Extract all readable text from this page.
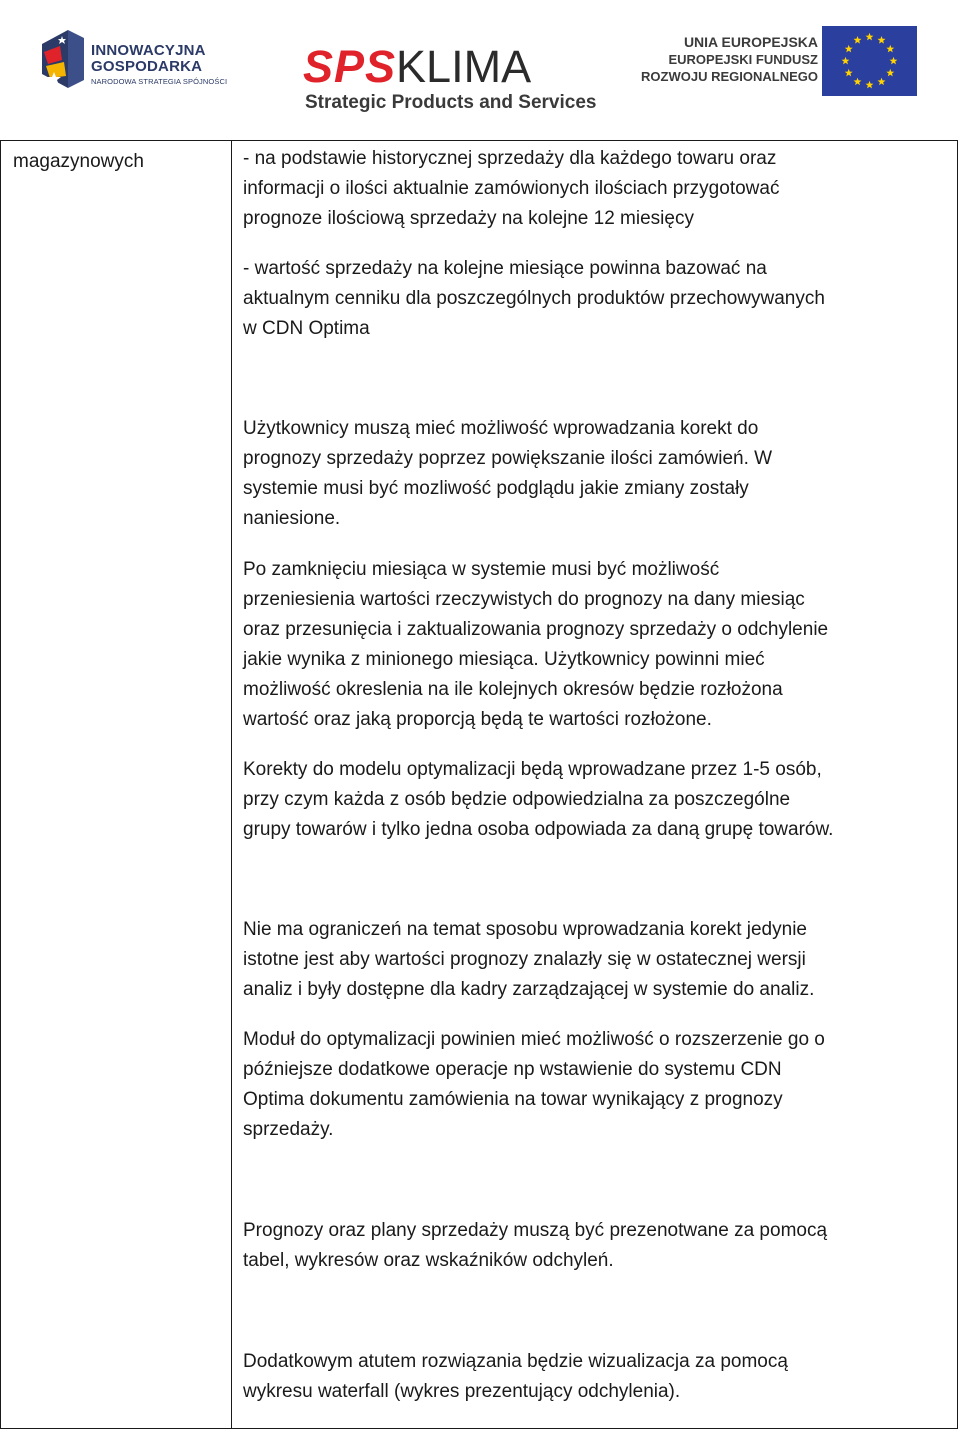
INNOWACYJNA
GOSPODARKA
NARODOWA STRATEGIA SPÓJNOŚCI SPSKLIMA
Strategic Products and Services
UNIA EUROPEJSKA
EUROPEJSKI FUNDUSZ
ROZWOJU REGIONALNEGO
magazynowych	- na podstawie historycznej sprzedaży dla każdego towaru oraz

informacji o ilości aktualnie zamówionych ilościach przygotować

prognoze ilościową sprzedaży na kolejne 12 miesięcy

- wartość sprzedaży na kolejne miesiące powinna bazować na

aktualnym cenniku dla poszczególnych produktów przechowywanych

w CDN Optima

Użytkownicy muszą mieć możliwość wprowadzania korekt do

prognozy sprzedaży poprzez powiększanie ilości zamówień. W

systemie musi być mozliwość podglądu jakie zmiany zostały

naniesione.

Po zamknięciu miesiąca w systemie musi być możliwość

przeniesienia wartości rzeczywistych do prognozy na dany miesiąc

oraz przesunięcia i zaktualizowania prognozy sprzedaży o odchylenie

jakie wynika z minionego miesiąca. Użytkownicy powinni mieć

możliwość okreslenia na ile kolejnych okresów będzie rozłożona

wartość oraz jaką proporcją będą te wartości rozłożone.

Korekty do modelu optymalizacji będą wprowadzane przez 1-5 osób,

przy czym każda z osób będzie odpowiedzialna za poszczególne

grupy towarów i tylko jedna osoba odpowiada za daną grupę towarów.

Nie ma ograniczeń na temat sposobu wprowadzania korekt jedynie

istotne jest aby wartości prognozy znalazły się w ostatecznej wersji

analiz i były dostępne dla kadry zarządzającej w systemie do analiz.

Moduł do optymalizacji powinien mieć możliwość o rozszerzenie go o

późniejsze dodatkowe operacje np wstawienie do systemu CDN

Optima dokumentu zamówienia na towar wynikający z prognozy

sprzedaży.

Prognozy oraz plany sprzedaży muszą być prezenotwane za pomocą

tabel, wykresów oraz wskaźników odchyleń.

Dodatkowym atutem rozwiązania będzie wizualizacja za pomocą

wykresu waterfall (wykres prezentujący odchylenia).
